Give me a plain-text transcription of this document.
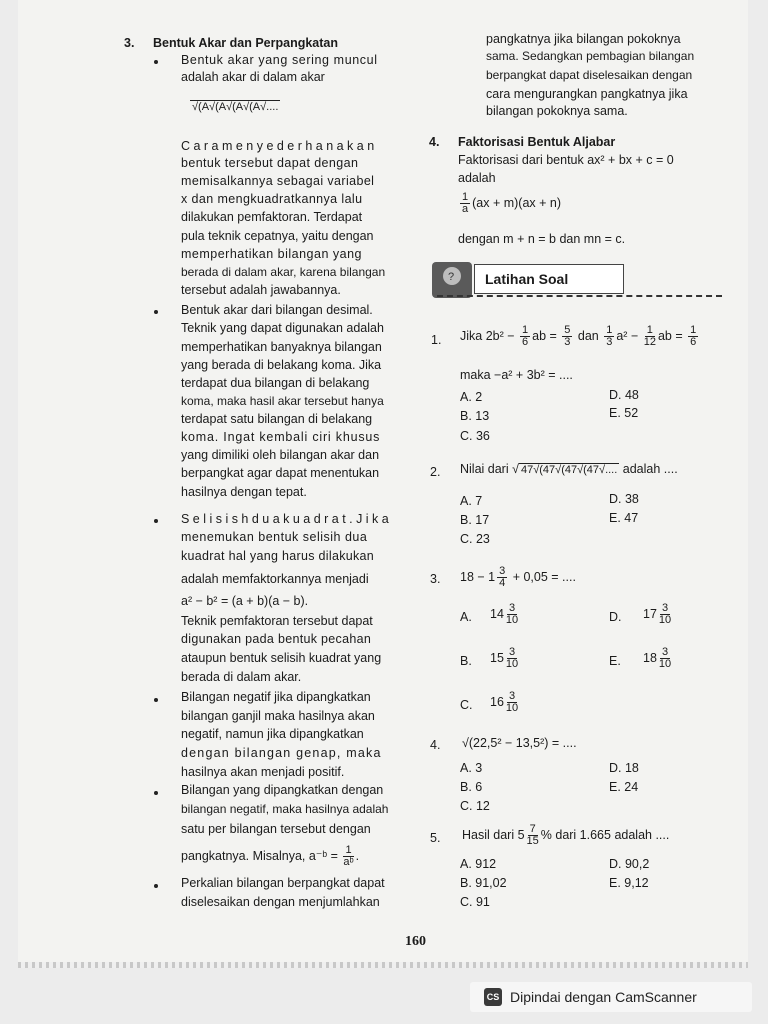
3. Bentuk Akar dan Perpangkatan
Bentuk akar yang sering muncul
adalah akar di dalam akar
√(A√(A√(A√(A√....
C a r a m e n y e d e r h a n a k a n
bentuk tersebut dapat dengan
memisalkannya sebagai variabel
x dan mengkuadratkannya lalu
dilakukan pemfaktoran. Terdapat
pula teknik cepatnya, yaitu dengan
memperhatikan bilangan yang
berada di dalam akar, karena bilangan
tersebut adalah jawabannya.
Bentuk akar dari bilangan desimal.
Teknik yang dapat digunakan adalah
memperhatikan banyaknya bilangan
yang berada di belakang koma. Jika
terdapat dua bilangan di belakang
koma, maka hasil akar tersebut hanya
terdapat satu bilangan di belakang
koma. Ingat kembali ciri khusus
yang dimiliki oleh bilangan akar dan
berpangkat agar dapat menentukan
hasilnya dengan tepat.
S e l i s i s h d u a k u a d r a t . J i k a
menemukan bentuk selisih dua
kuadrat hal yang harus dilakukan
adalah memfaktorkannya menjadi
a² − b² = (a + b)(a − b).
Teknik pemfaktoran tersebut dapat
digunakan pada bentuk pecahan
ataupun bentuk selisih kuadrat yang
berada di dalam akar.
Bilangan negatif jika dipangkatkan
bilangan ganjil maka hasilnya akan
negatif, namun jika dipangkatkan
dengan bilangan genap, maka
hasilnya akan menjadi positif.
Bilangan yang dipangkatkan dengan
bilangan negatif, maka hasilnya adalah
satu per bilangan tersebut dengan
pangkatnya. Misalnya, a⁻ᵇ = $\frac{1}{\text{aᵇ}}$ .
Perkalian bilangan berpangkat dapat
diselesaikan dengan menjumlahkan
pangkatnya jika bilangan pokoknya
sama. Sedangkan pembagian bilangan
berpangkat dapat diselesaikan dengan
cara mengurangkan pangkatnya jika
bilangan pokoknya sama.
4. Faktorisasi Bentuk Aljabar
Faktorisasi dari bentuk ax² + bx + c = 0
adalah
$\frac{1}{a} (ax + m)(ax + n)$
dengan m + n = b dan mn = c.
?	Latihan Soal
1. Jika $2b^2 - \frac{1}{6}$ ab = $\frac{5}{3}$ dan $\frac{1}{3} a^2 - \frac{1}{12}$ ab = $\frac{1}{6}$
maka −a² + 3b² = ....
A. 2
B. 13
C. 36
D. 48
E. 52
2. Nilai dari √ 47√(47√(47√(47√.... adalah ....
A. 7
B. 17
C. 23
D. 38
E. 47
3. $18 - 1 \frac{3}{4} + 0,05$ = ....
A. $14 \frac{3}{10}$
B. $15 \frac{3}{10}$
C. $16 \frac{3}{10}$
D. $17 \frac{3}{10}$
E. $18 \frac{3}{10}$
4. √(22,5² − 13,5²) = ....
A. 3
B. 6
C. 12
D. 18
E. 24
5. Hasil dari $5 \frac{7}{15}$ % dari 1.665 adalah ....
A. 912
B. 91,02
C. 91
D. 90,2
E. 9,12
160
CS Dipindai dengan CamScanner
